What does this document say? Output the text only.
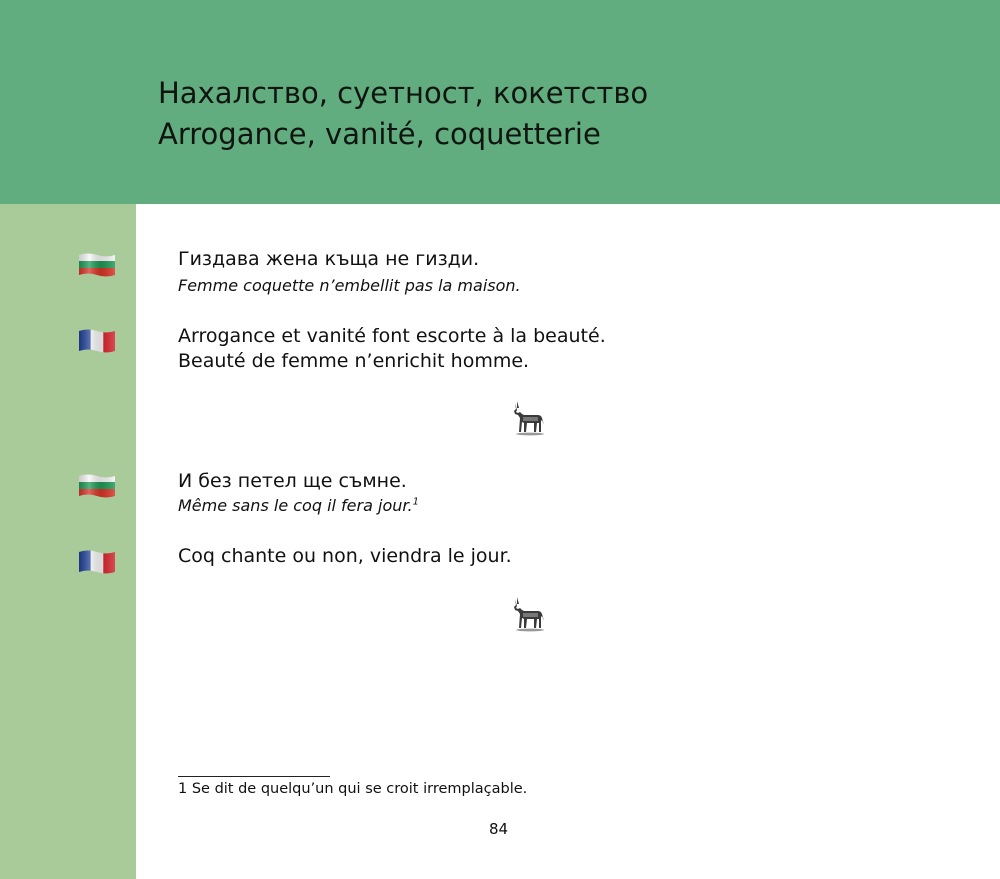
Нахалство, суетност, кокетство
Arrogance, vanité, coquetterie
Гиздава жена къща не гизди.
Femme coquette n’embellit pas la maison.
Arrogance et vanité font escorte à la beauté.
Beauté de femme n’enrichit homme.
И без петел ще съмне.
Même sans le coq il fera jour.$^1$
Coq chante ou non, viendra le jour.
1 Se dit de quelqu’un qui se croit irremplaçable.
84
